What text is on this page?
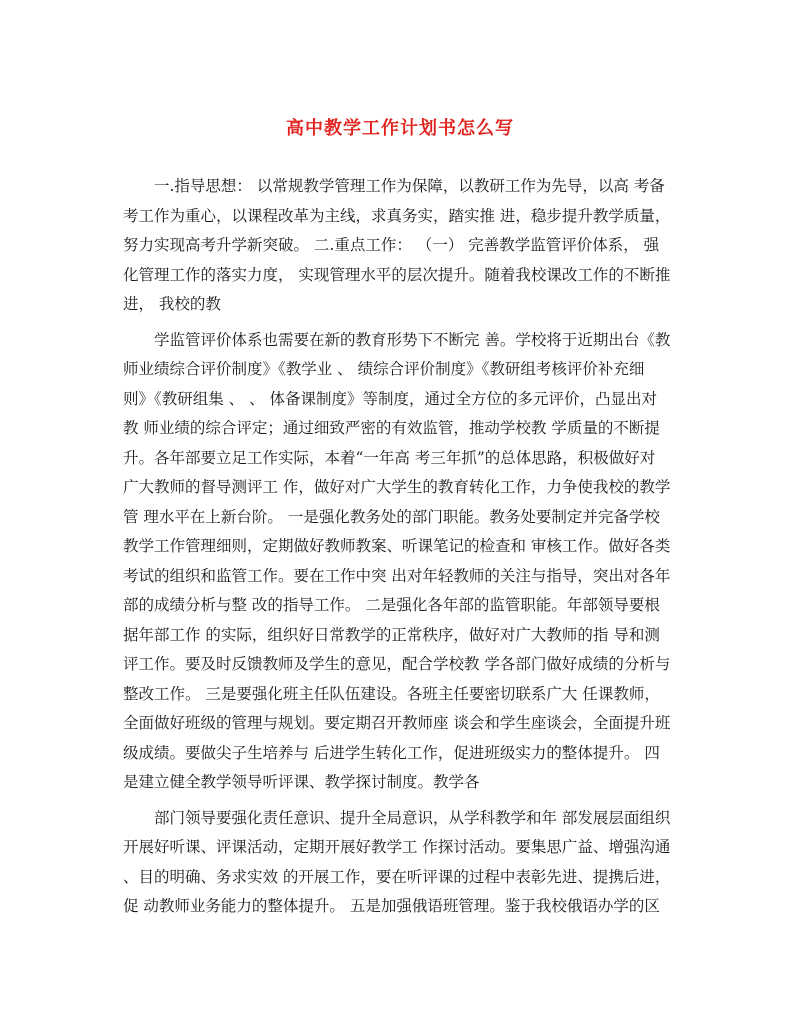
高中教学工作计划书怎么写
一.指导思想： 以常规教学管理工作为保障，以教研工作为先导，以高 考备
考工作为重心，以课程改革为主线，求真务实，踏实推 进，稳步提升教学质量，
努力实现高考升学新突破。 二.重点工作： （一） 完善教学监管评价体系， 强
化管理工作的落实力度， 实现管理水平的层次提升。随着我校课改工作的不断推
进， 我校的教
学监管评价体系也需要在新的教育形势下不断完 善。学校将于近期出台《教
师业绩综合评价制度》《教学业 、 绩综合评价制度》《教研组考核评价补充细
则》《教研组集 、 、 体备课制度》等制度，通过全方位的多元评价，凸显出对
教 师业绩的综合评定；通过细致严密的有效监管，推动学校教 学质量的不断提
升。各年部要立足工作实际，本着“一年高 考三年抓”的总体思路，积极做好对
广大教师的督导测评工 作，做好对广大学生的教育转化工作，力争使我校的教学
管 理水平在上新台阶。 一是强化教务处的部门职能。教务处要制定并完备学校
教学工作管理细则，定期做好教师教案、听课笔记的检查和 审核工作。做好各类
考试的组织和监管工作。要在工作中突 出对年轻教师的关注与指导，突出对各年
部的成绩分析与整 改的指导工作。 二是强化各年部的监管职能。年部领导要根
据年部工作 的实际，组织好日常教学的正常秩序，做好对广大教师的指 导和测
评工作。要及时反馈教师及学生的意见，配合学校教 学各部门做好成绩的分析与
整改工作。 三是要强化班主任队伍建设。各班主任要密切联系广大 任课教师，
全面做好班级的管理与规划。要定期召开教师座 谈会和学生座谈会，全面提升班
级成绩。要做尖子生培养与 后进学生转化工作，促进班级实力的整体提升。 四
是建立健全教学领导听评课、教学探讨制度。教学各
部门领导要强化责任意识、提升全局意识，从学科教学和年 部发展层面组织
开展好听课、评课活动，定期开展好教学工 作探讨活动。要集思广益、增强沟通
、目的明确、务求实效 的开展工作，要在听评课的过程中表彰先进、提携后进，
促 动教师业务能力的整体提升。 五是加强俄语班管理。鉴于我校俄语办学的区
